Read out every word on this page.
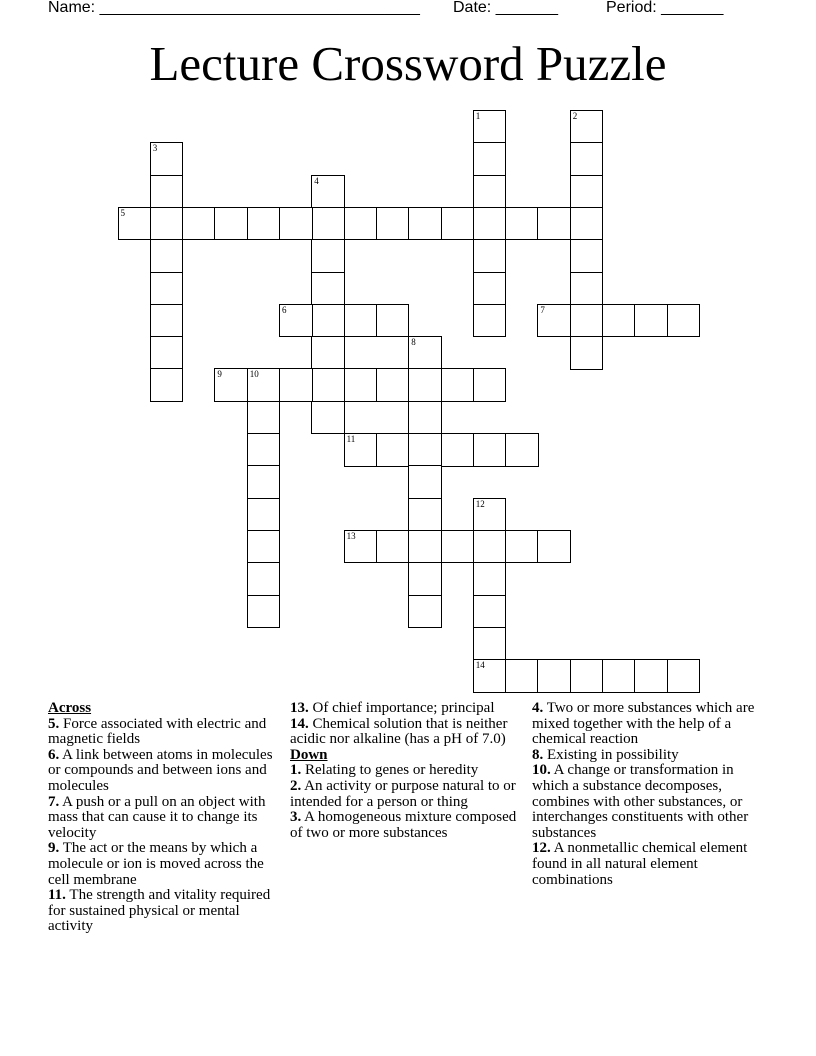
Name: ____________________________________ Date: _______	Period: _______
Lecture Crossword Puzzle
1	2
3
4
5
6	7
8
9	10
11
12
14
13
Across
5. Force associated with electric and magnetic fields
6. A link between atoms in molecules or compounds and between ions and molecules
7. A push or a pull on an object with mass that can cause it to change its velocity
9. The act or the means by which a molecule or ion is moved across the cell membrane
11. The strength and vitality required for sustained physical or mental activity
13. Of chief importance; principal
14. Chemical solution that is neither acidic nor alkaline (has a pH of 7.0)
Down
1. Relating to genes or heredity
2. An activity or purpose natural to or intended for a person or thing
3. A homogeneous mixture composed of two or more substances
4. Two or more substances which are mixed together with the help of a chemical reaction
8. Existing in possibility
10. A change or transformation in which a substance decomposes, combines with other substances, or interchanges constituents with other substances
12. A nonmetallic chemical element found in all natural element combinations
